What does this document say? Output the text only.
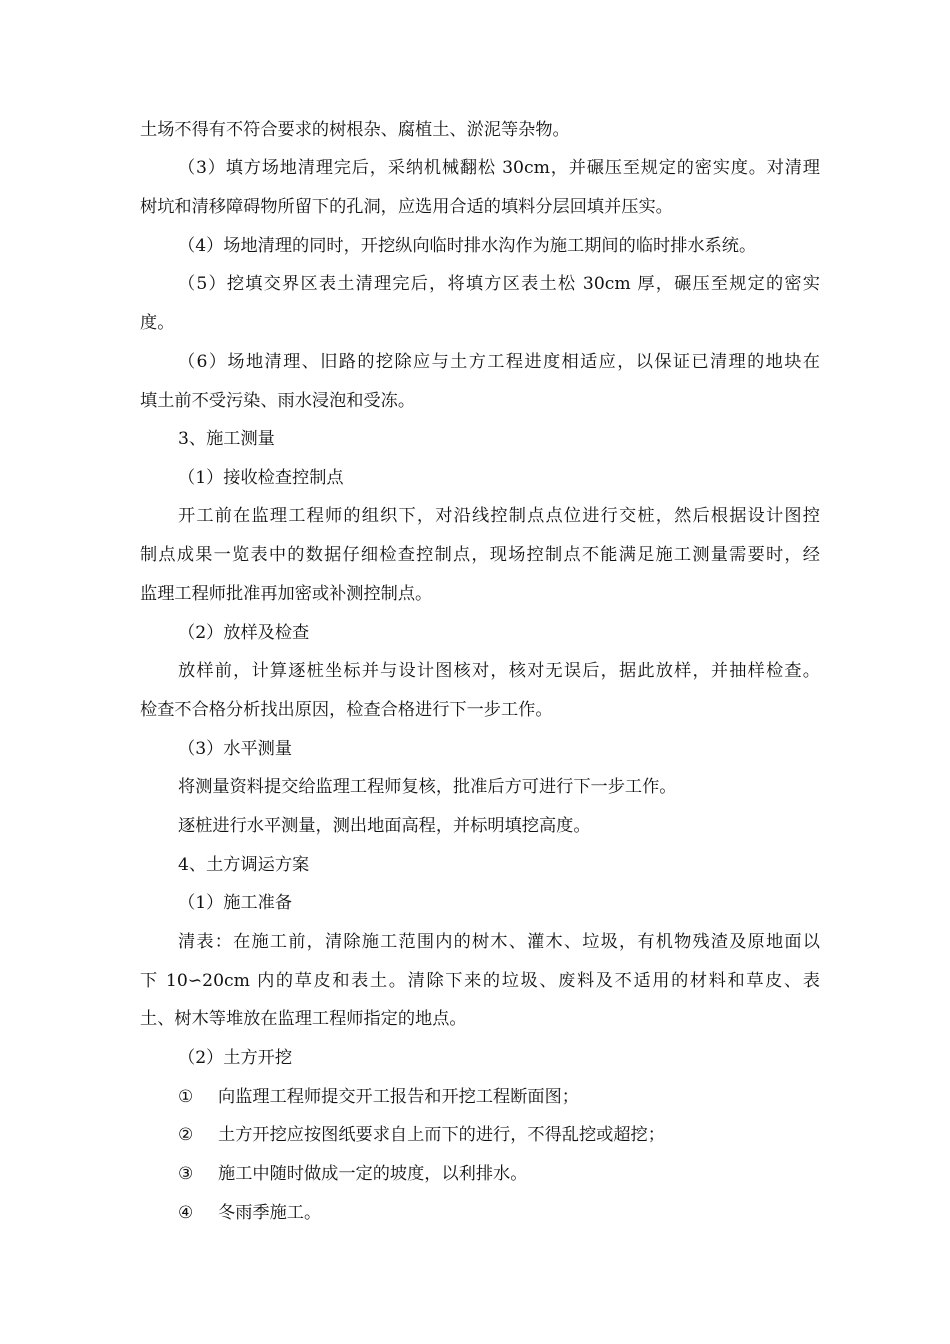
土场不得有不符合要求的树根杂、腐植土、淤泥等杂物。
（3）填方场地清理完后，采纳机械翻松 30cm，并碾压至规定的密实度。对清理
树坑和清移障碍物所留下的孔洞，应选用合适的填料分层回填并压实。
（4）场地清理的同时，开挖纵向临时排水沟作为施工期间的临时排水系统。
（5）挖填交界区表土清理完后，将填方区表土松 30cm 厚，碾压至规定的密实
度。
（6）场地清理、旧路的挖除应与土方工程进度相适应，以保证已清理的地块在
填土前不受污染、雨水浸泡和受冻。
3、施工测量
（1）接收检查控制点
开工前在监理工程师的组织下，对沿线控制点点位进行交桩，然后根据设计图控
制点成果一览表中的数据仔细检查控制点，现场控制点不能满足施工测量需要时，经
监理工程师批准再加密或补测控制点。
（2）放样及检查
放样前，计算逐桩坐标并与设计图核对，核对无误后，据此放样，并抽样检查。
检查不合格分析找出原因，检查合格进行下一步工作。
（3）水平测量
将测量资料提交给监理工程师复核，批准后方可进行下一步工作。
逐桩进行水平测量，测出地面高程，并标明填挖高度。
4、土方调运方案
（1）施工准备
清表：在施工前，清除施工范围内的树木、灌木、垃圾，有机物残渣及原地面以
下 10∽20cm 内的草皮和表土。清除下来的垃圾、废料及不适用的材料和草皮、表
土、树木等堆放在监理工程师指定的地点。
（2）土方开挖
① 向监理工程师提交开工报告和开挖工程断面图；
② 土方开挖应按图纸要求自上而下的进行，不得乱挖或超挖；
③ 施工中随时做成一定的坡度，以利排水。
④ 冬雨季施工。
